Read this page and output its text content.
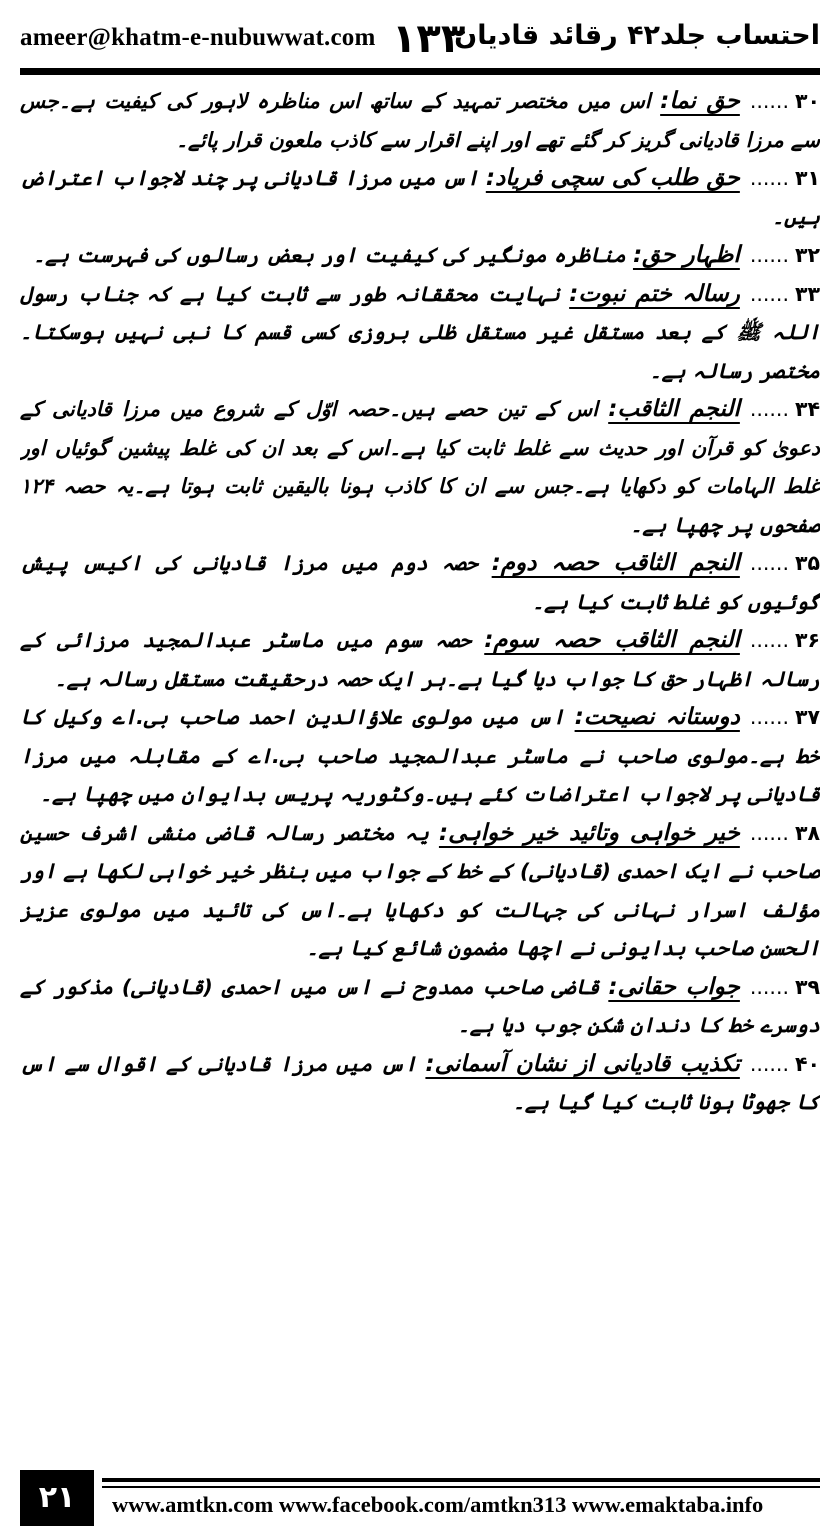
ameer@khatm-e-nubuwwat.com ۱۳۳
احتساب جلد۴۲ رقائد قادیان

۳۰......حق نما: اس میں مختصر تمہید کے ساتھ اس مناظرہ لاہور کی کیفیت ہے۔جس سے مرزا قادیانی گریز کر گئے تھے اور اپنے اقرار سے کاذب ملعون قرار پائے۔

۳۱......حق طلب کی سچی فریاد: اس میں مرزا قادیانی پر چند لاجواب اعتراض ہیں۔

۳۲......اظہار حق: مناظرہ مونگیر کی کیفیت اور بعض رسالوں کی فہرست ہے۔

۳۳......رسالہ ختم نبوت: نہایت محققانہ طور سے ثابت کیا ہے کہ جناب رسول اللہ ﷺ کے بعد مستقل غیر مستقل ظلی بروزی کسی قسم کا نبی نہیں ہوسکتا۔مختصر رسالہ ہے۔

۳۴......النجم الثاقب: اس کے تین حصے ہیں۔حصہ اوّل کے شروع میں مرزا قادیانی کے دعویٰ کو قرآن اور حدیث سے غلط ثابت کیا ہے۔اس کے بعد ان کی غلط پیشین گوئیاں اور غلط الہامات کو دکھایا ہے۔جس سے ان کا کاذب ہونا بالیقین ثابت ہوتا ہے۔یہ حصہ ۱۲۴ صفحوں پر چھپا ہے۔

۳۵......النجم الثاقب حصہ دوم: حصہ دوم میں مرزا قادیانی کی اکیس پیش گوئیوں کو غلط ثابت کیا ہے۔

۳۶......النجم الثاقب حصہ سوم: حصہ سوم میں ماسٹر عبدالمجید مرزائی کے رسالہ اظہار حق کا جواب دیا گیا ہے۔ہر ایک حصہ درحقیقت مستقل رسالہ ہے۔

۳۷......دوستانہ نصیحت: اس میں مولوی علاؤالدین احمد صاحب بی.اے وکیل کا خط ہے۔مولوی صاحب نے ماسٹر عبدالمجید صاحب بی.اے کے مقابلہ میں مرزا قادیانی پر لاجواب اعتراضات کئے ہیں۔وکٹوریہ پریس بدایوان میں چھپا ہے۔

۳۸......خیر خواہی وتائید خیر خواہی: یہ مختصر رسالہ قاضی منشی اشرف حسین صاحب نے ایک احمدی (قادیانی) کے خط کے جواب میں بنظر خیر خواہی لکھا ہے اور مؤلف اسرار نہانی کی جہالت کو دکھایا ہے۔اس کی تائید میں مولوی عزیز الحسن صاحب بدایونی نے اچھا مضمون شائع کیا ہے۔

۳۹......جواب حقانی: قاضی صاحب ممدوح نے اس میں احمدی (قادیانی) مذکور کے دوسرے خط کا دندان شکن جوب دیا ہے۔

۴۰......تکذیب قادیانی از نشان آسمانی: اس میں مرزا قادیانی کے اقوال سے اس کا جھوٹا ہونا ثابت کیا گیا ہے۔

۲۱	www.amtkn.com www.facebook.com/amtkn313 www.emaktaba.info
